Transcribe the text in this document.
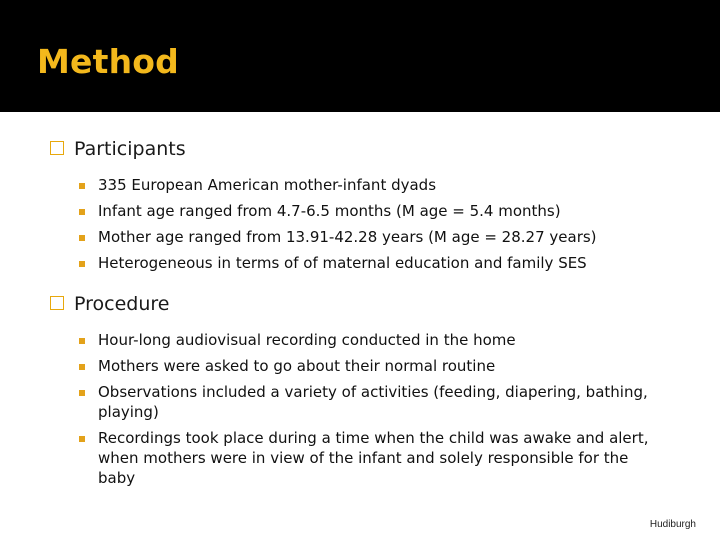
Method
Participants
335 European American mother-infant dyads
Infant age ranged from 4.7-6.5 months (M age = 5.4 months)
Mother age ranged from 13.91-42.28 years (M age = 28.27 years)
Heterogeneous in terms of of maternal education and family SES
Procedure
Hour-long audiovisual recording conducted in the home
Mothers were asked to go about their normal routine
Observations included a variety of activities (feeding, diapering, bathing, playing)
Recordings took place during a time when the child was awake and alert, when mothers were in view of the infant and solely responsible for the baby
Hudiburgh
